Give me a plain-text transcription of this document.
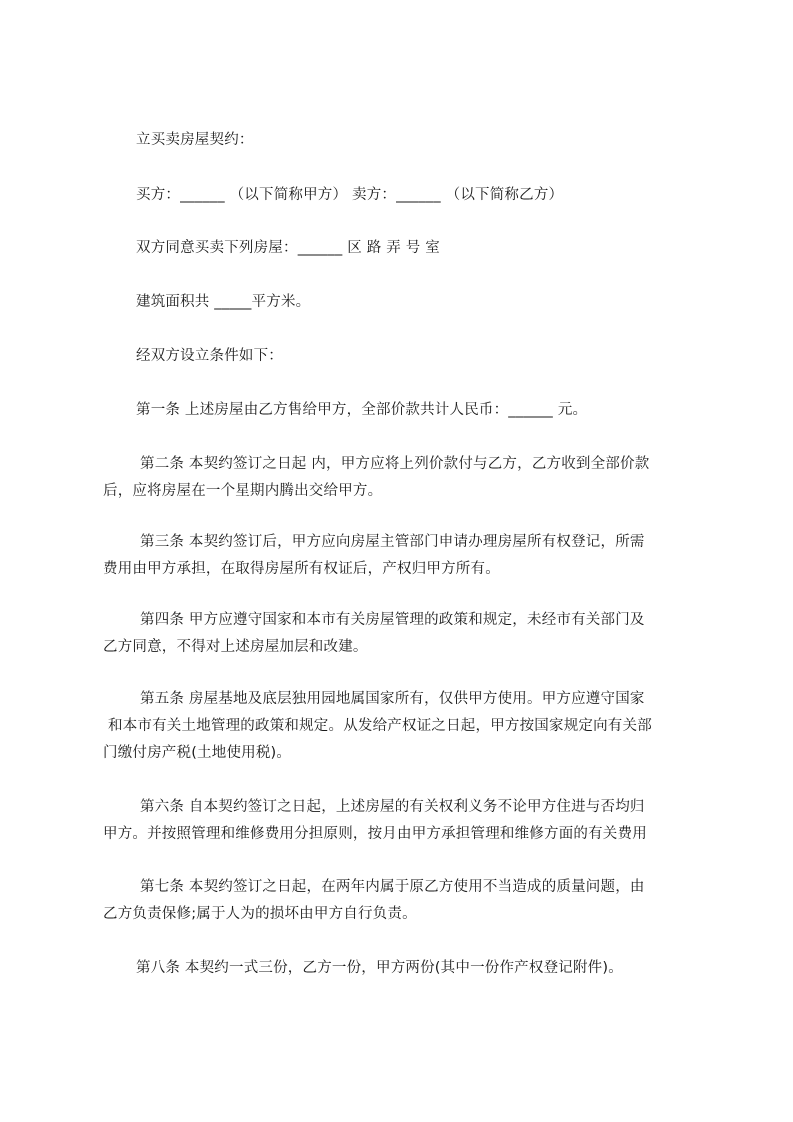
立买卖房屋契约：
买方：______ （以下简称甲方） 卖方：______ （以下简称乙方）
双方同意买卖下列房屋：______ 区 路 弄 号 室
建筑面积共 _____平方米。
经双方设立条件如下：
第一条 上述房屋由乙方售给甲方，全部价款共计人民币：______ 元。
第二条 本契约签订之日起 内，甲方应将上列价款付与乙方，乙方收到全部价款
后，应将房屋在一个星期内腾出交给甲方。
第三条 本契约签订后，甲方应向房屋主管部门申请办理房屋所有权登记，所需
费用由甲方承担，在取得房屋所有权证后，产权归甲方所有。
第四条 甲方应遵守国家和本市有关房屋管理的政策和规定，未经市有关部门及
乙方同意，不得对上述房屋加层和改建。
第五条 房屋基地及底层独用园地属国家所有，仅供甲方使用。甲方应遵守国家
和本市有关土地管理的政策和规定。从发给产权证之日起，甲方按国家规定向有关部
门缴付房产税(土地使用税)。
第六条 自本契约签订之日起，上述房屋的有关权利义务不论甲方住进与否均归
甲方。并按照管理和维修费用分担原则，按月由甲方承担管理和维修方面的有关费用
第七条 本契约签订之日起，在两年内属于原乙方使用不当造成的质量问题，由
乙方负责保修;属于人为的损坏由甲方自行负责。
第八条 本契约一式三份，乙方一份，甲方两份(其中一份作产权登记附件)。
